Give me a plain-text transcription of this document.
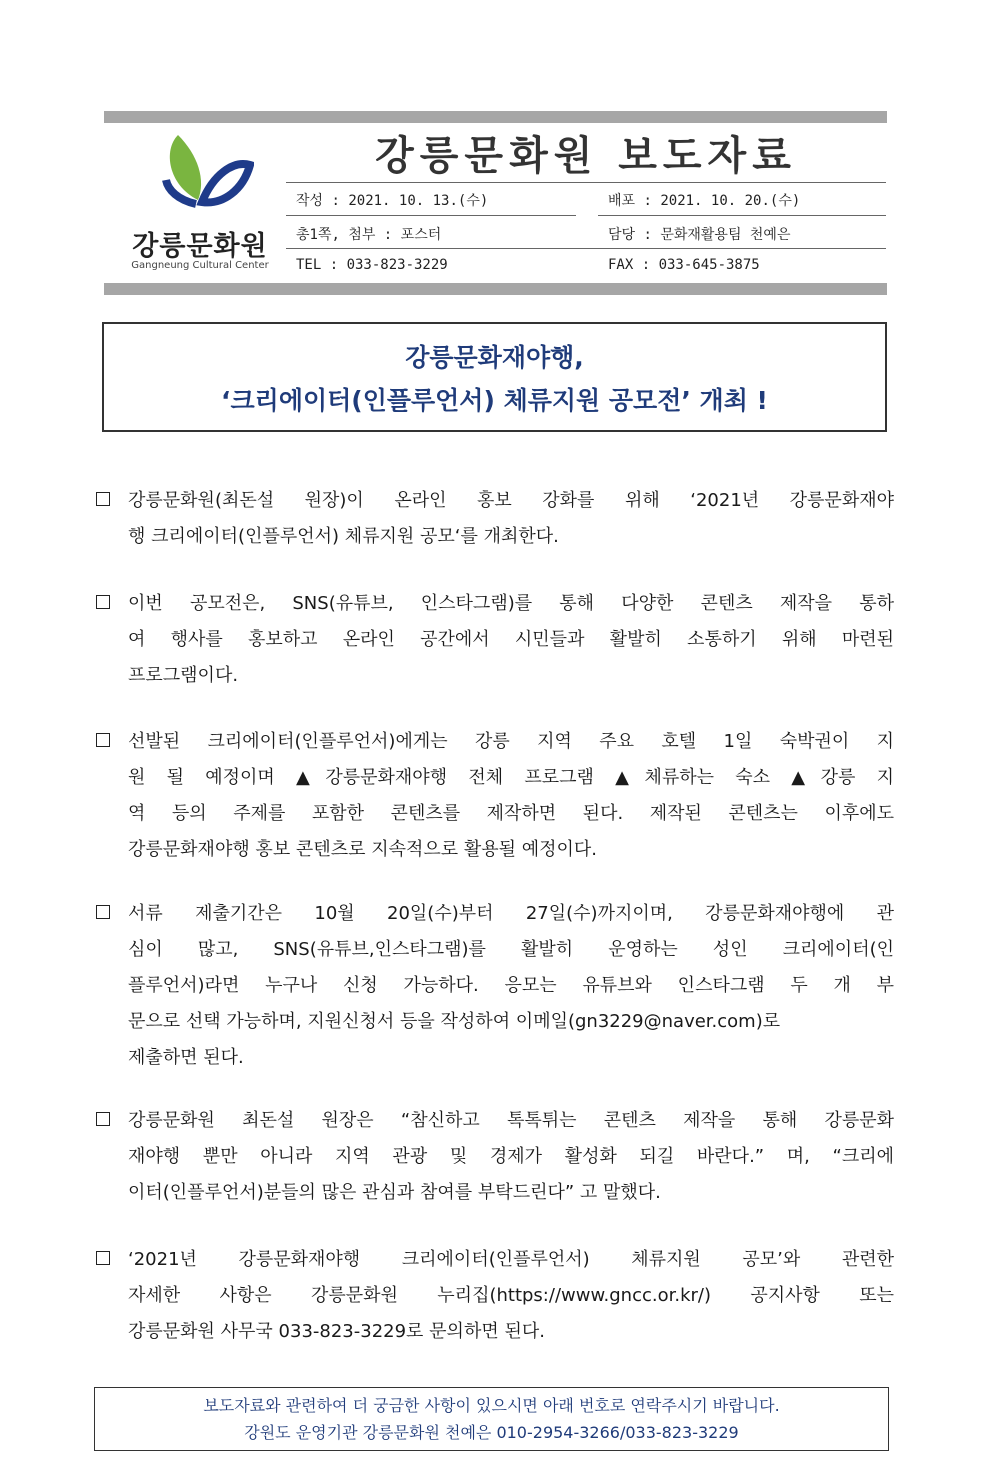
강릉문화원
Gangneung Cultural Center
강릉문화원 보도자료
작성 : 2021. 10. 13.(수)	배포 : 2021. 10. 20.(수)
총1쪽, 첨부 : 포스터	담당 : 문화재활용팀 천예은
TEL : 033-823-3229	FAX : 033-645-3875
강릉문화재야행,
‘크리에이터(인플루언서) 체류지원 공모전’ 개최 !
강릉문화원(최돈설 원장)이 온라인 홍보 강화를 위해 ‘2021년 강릉문화재야
행 크리에이터(인플루언서) 체류지원 공모‘를 개최한다.
이번 공모전은, SNS(유튜브, 인스타그램)를 통해 다양한 콘텐츠 제작을 통하
여 행사를 홍보하고 온라인 공간에서 시민들과 활발히 소통하기 위해 마련된
프로그램이다.
선발된 크리에이터(인플루언서)에게는 강릉 지역 주요 호텔 1일 숙박권이 지
원 될 예정이며 ▲강릉문화재야행 전체 프로그램 ▲체류하는 숙소 ▲강릉 지
역 등의 주제를 포함한 콘텐츠를 제작하면 된다. 제작된 콘텐츠는 이후에도
강릉문화재야행 홍보 콘텐츠로 지속적으로 활용될 예정이다.
서류 제출기간은 10월 20일(수)부터 27일(수)까지이며, 강릉문화재야행에 관
심이 많고, SNS(유튜브,인스타그램)를 활발히 운영하는 성인 크리에이터(인
플루언서)라면 누구나 신청 가능하다. 응모는 유튜브와 인스타그램 두 개 부
문으로 선택 가능하며, 지원신청서 등을 작성하여 이메일(gn3229@naver.com)로
제출하면 된다.
강릉문화원 최돈설 원장은 “참신하고 톡톡튀는 콘텐츠 제작을 통해 강릉문화
재야행 뿐만 아니라 지역 관광 및 경제가 활성화 되길 바란다.” 며, “크리에
이터(인플루언서)분들의 많은 관심과 참여를 부탁드린다” 고 말했다.
‘2021년 강릉문화재야행 크리에이터(인플루언서) 체류지원 공모’와 관련한
자세한 사항은 강릉문화원 누리집(https://www.gncc.or.kr/) 공지사항 또는
강릉문화원 사무국 033-823-3229로 문의하면 된다.
보도자료와 관련하여 더 궁금한 사항이 있으시면 아래 번호로 연락주시기 바랍니다.
강원도 운영기관 강릉문화원 천예은 010-2954-3266/033-823-3229
